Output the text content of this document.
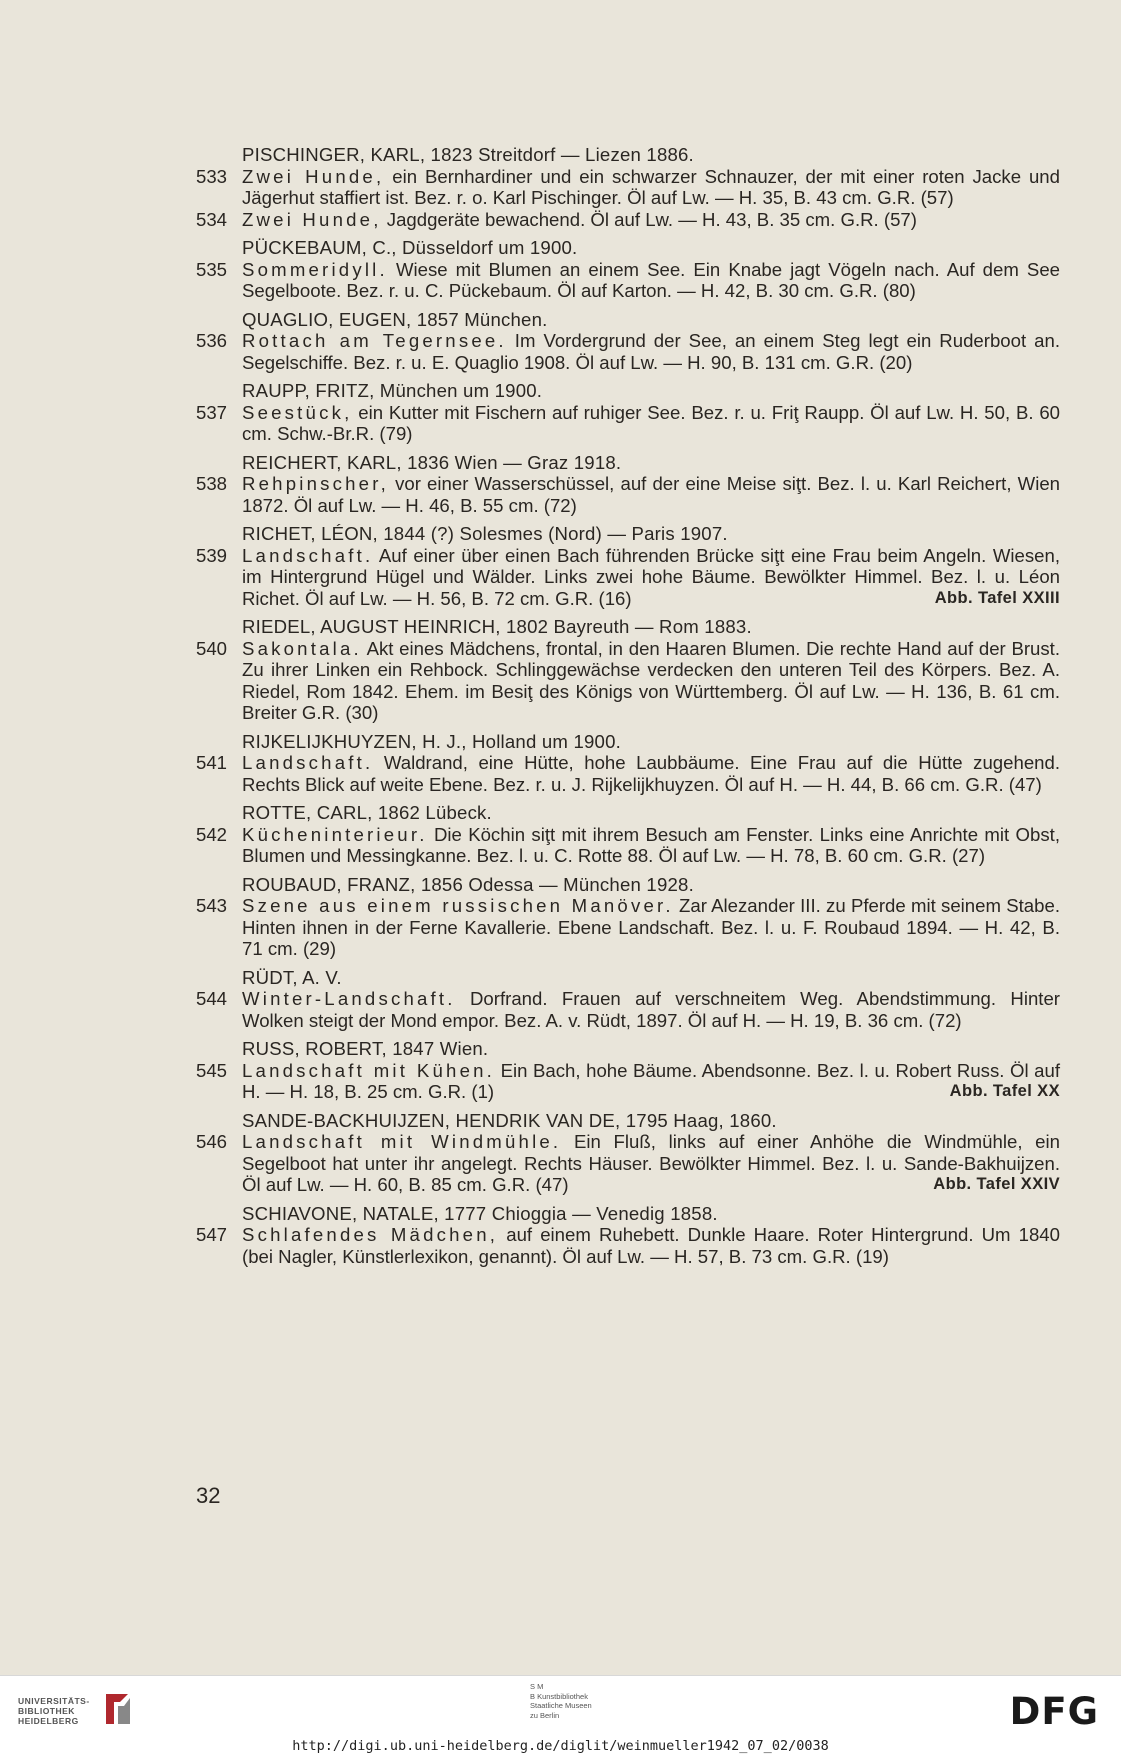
PISCHINGER, KARL, 1823 Streitdorf — Liezen 1886.
533 Zwei Hunde, ein Bernhardiner und ein schwarzer Schnauzer, der mit einer roten Jacke und Jägerhut staffiert ist. Bez. r. o. Karl Pischinger. Öl auf Lw. — H. 35, B. 43 cm. G.R. (57)
534 Zwei Hunde, Jagdgeräte bewachend. Öl auf Lw. — H. 43, B. 35 cm. G.R. (57)
PÜCKEBAUM, C., Düsseldorf um 1900.
535 Sommeridyll. Wiese mit Blumen an einem See. Ein Knabe jagt Vögeln nach. Auf dem See Segelboote. Bez. r. u. C. Pückebaum. Öl auf Karton. — H. 42, B. 30 cm. G.R. (80)
QUAGLIO, EUGEN, 1857 München.
536 Rottach am Tegernsee. Im Vordergrund der See, an einem Steg legt ein Ruderboot an. Segelschiffe. Bez. r. u. E. Quaglio 1908. Öl auf Lw. — H. 90, B. 131 cm. G.R. (20)
RAUPP, FRITZ, München um 1900.
537 Seestück, ein Kutter mit Fischern auf ruhiger See. Bez. r. u. Friţ Raupp. Öl auf Lw. H. 50, B. 60 cm. Schw.-Br.R. (79)
REICHERT, KARL, 1836 Wien — Graz 1918.
538 Rehpinscher, vor einer Wasserschüssel, auf der eine Meise siţt. Bez. l. u. Karl Reichert, Wien 1872. Öl auf Lw. — H. 46, B. 55 cm. (72)
RICHET, LÉON, 1844 (?) Solesmes (Nord) — Paris 1907.
539 Landschaft. Auf einer über einen Bach führenden Brücke siţt eine Frau beim Angeln. Wiesen, im Hintergrund Hügel und Wälder. Links zwei hohe Bäume. Bewölkter Himmel. Bez. l. u. Léon Richet. Öl auf Lw. — H. 56, B. 72 cm. G.R. (16)	Abb. Tafel XXIII
RIEDEL, AUGUST HEINRICH, 1802 Bayreuth — Rom 1883.
540 Sakontala. Akt eines Mädchens, frontal, in den Haaren Blumen. Die rechte Hand auf der Brust. Zu ihrer Linken ein Rehbock. Schlinggewächse verdecken den unteren Teil des Körpers. Bez. A. Riedel, Rom 1842. Ehem. im Besiţ des Königs von Württemberg. Öl auf Lw. — H. 136, B. 61 cm. Breiter G.R. (30)
RIJKELIJKHUYZEN, H. J., Holland um 1900.
541 Landschaft. Waldrand, eine Hütte, hohe Laubbäume. Eine Frau auf die Hütte zugehend. Rechts Blick auf weite Ebene. Bez. r. u. J. Rijkelijkhuyzen. Öl auf H. — H. 44, B. 66 cm. G.R. (47)
ROTTE, CARL, 1862 Lübeck.
542 Kücheninterieur. Die Köchin siţt mit ihrem Besuch am Fenster. Links eine Anrichte mit Obst, Blumen und Messingkanne. Bez. l. u. C. Rotte 88. Öl auf Lw. — H. 78, B. 60 cm. G.R. (27)
ROUBAUD, FRANZ, 1856 Odessa — München 1928.
543 Szene aus einem russischen Manöver. Zar Alezander III. zu Pferde mit seinem Stabe. Hinten ihnen in der Ferne Kavallerie. Ebene Landschaft. Bez. l. u. F. Roubaud 1894. — H. 42, B. 71 cm. (29)
RÜDT, A. V.
544 Winter-Landschaft. Dorfrand. Frauen auf verschneitem Weg. Abendstimmung. Hinter Wolken steigt der Mond empor. Bez. A. v. Rüdt, 1897. Öl auf H. — H. 19, B. 36 cm. (72)
RUSS, ROBERT, 1847 Wien.
545 Landschaft mit Kühen. Ein Bach, hohe Bäume. Abendsonne. Bez. l. u. Robert Russ. Öl auf H. — H. 18, B. 25 cm. G.R. (1)	Abb. Tafel XX
SANDE-BACKHUIJZEN, HENDRIK VAN DE, 1795 Haag, 1860.
546 Landschaft mit Windmühle. Ein Fluß, links auf einer Anhöhe die Windmühle, ein Segelboot hat unter ihr angelegt. Rechts Häuser. Bewölkter Himmel. Bez. l. u. Sande-Bakhuijzen. Öl auf Lw. — H. 60, B. 85 cm. G.R. (47)	Abb. Tafel XXIV
SCHIAVONE, NATALE, 1777 Chioggia — Venedig 1858.
547 Schlafendes Mädchen, auf einem Ruhebett. Dunkle Haare. Roter Hintergrund. Um 1840 (bei Nagler, Künstlerlexikon, genannt). Öl auf Lw. — H. 57, B. 73 cm. G.R. (19)
32
UNIVERSITÄTS-
BIBLIOTHEK
HEIDELBERG
S M
B Kunstbibliothek
Staatliche Museen
zu Berlin	DFG
http://digi.ub.uni-heidelberg.de/diglit/weinmueller1942_07_02/0038
